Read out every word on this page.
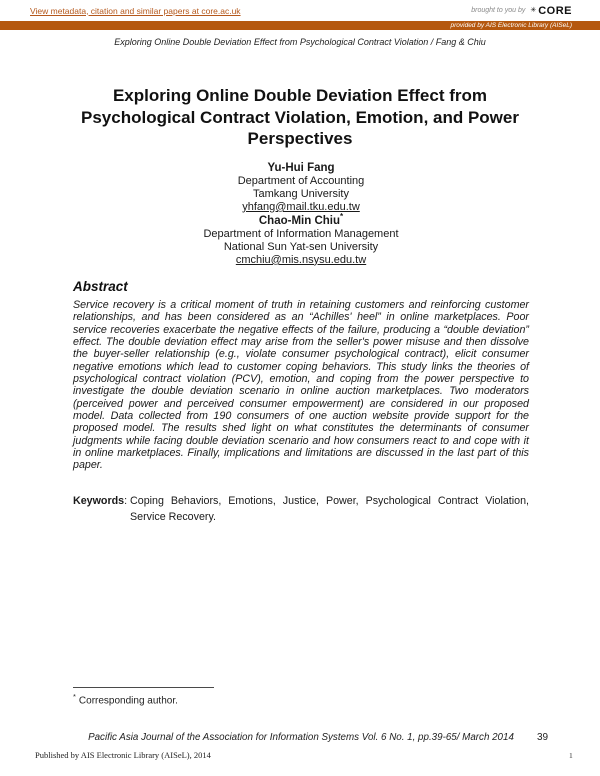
View metadata, citation and similar papers at core.ac.uk	brought to you by ✳ CORE
provided by AIS Electronic Library (AISeL)
Exploring Online Double Deviation Effect from Psychological Contract Violation / Fang & Chiu
Exploring Online Double Deviation Effect from
Psychological Contract Violation, Emotion, and Power
Perspectives
Yu-Hui Fang
Department of Accounting
Tamkang University
yhfang@mail.tku.edu.tw
Chao-Min Chiu*
Department of Information Management
National Sun Yat-sen University
cmchiu@mis.nsysu.edu.tw
Abstract
Service recovery is a critical moment of truth in retaining customers and reinforcing customer relationships, and has been considered as an “Achilles' heel” in online marketplaces. Poor service recoveries exacerbate the negative effects of the failure, producing a “double deviation” effect. The double deviation effect may arise from the seller's power misuse and then dissolve the buyer-seller relationship (e.g., violate consumer psychological contract), elicit consumer negative emotions which lead to customer coping behaviors. This study links the theories of psychological contract violation (PCV), emotion, and coping from the power perspective to investigate the double deviation scenario in online auction marketplaces. Two moderators (perceived power and perceived consumer empowerment) are considered in our proposed model. Data collected from 190 consumers of one auction website provide support for the proposed model. The results shed light on what constitutes the determinants of consumer judgments while facing double deviation scenario and how consumers react to and cope with it in online marketplaces. Finally, implications and limitations are discussed in the last part of this paper.
Keywords : Coping Behaviors, Emotions, Justice, Power, Psychological Contract Violation, Service Recovery.
* Corresponding author.
Pacific Asia Journal of the Association for Information Systems Vol. 6 No. 1, pp.39-65/ March 2014	39
Published by AIS Electronic Library (AISeL), 2014	1
